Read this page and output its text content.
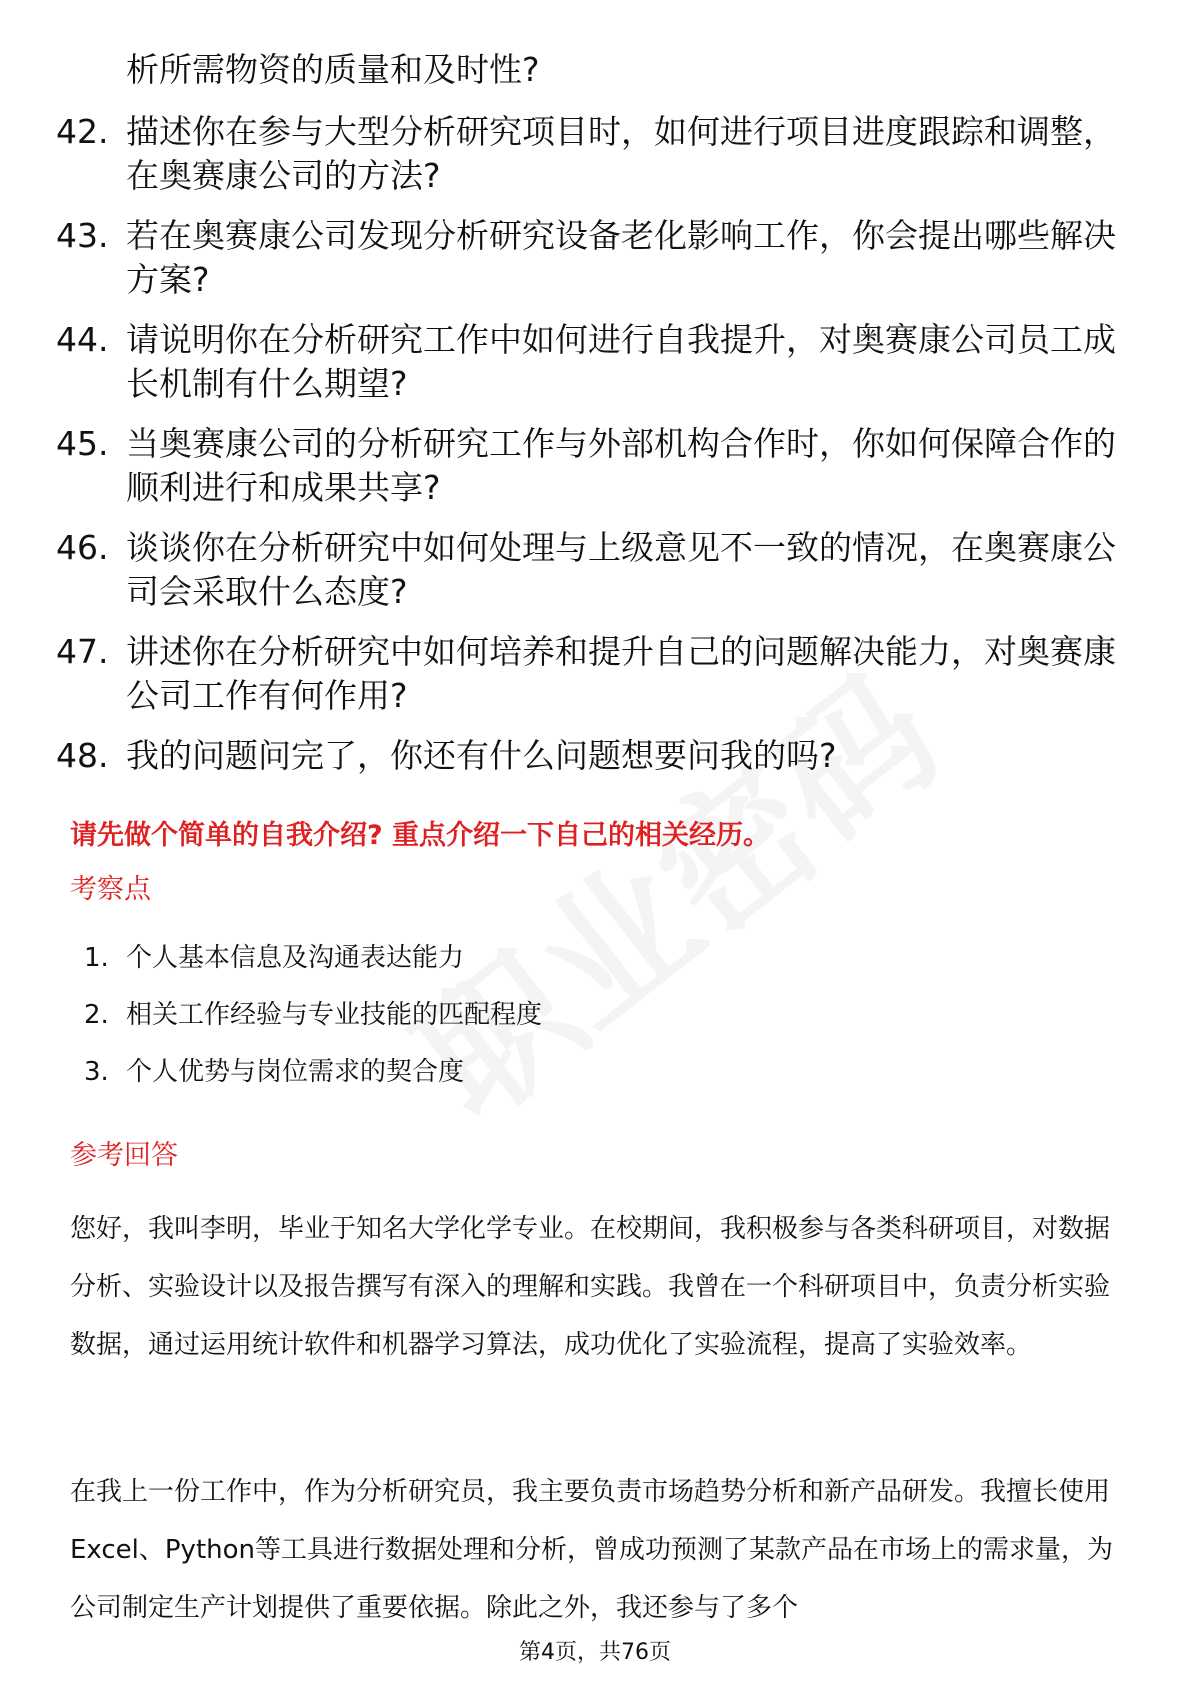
析所需物资的质量和及时性?
42. 描述你在参与大型分析研究项目时，如何进行项目进度跟踪和调整，在奥赛康公司的方法?
43. 若在奥赛康公司发现分析研究设备老化影响工作，你会提出哪些解决方案?
44. 请说明你在分析研究工作中如何进行自我提升，对奥赛康公司员工成长机制有什么期望?
45. 当奥赛康公司的分析研究工作与外部机构合作时，你如何保障合作的顺利进行和成果共享?
46. 谈谈你在分析研究中如何处理与上级意见不一致的情况，在奥赛康公司会采取什么态度?
47. 讲述你在分析研究中如何培养和提升自己的问题解决能力，对奥赛康公司工作有何作用?
48. 我的问题问完了，你还有什么问题想要问我的吗?
请先做个简单的自我介绍? 重点介绍一下自己的相关经历。
考察点
1. 个人基本信息及沟通表达能力
2. 相关工作经验与专业技能的匹配程度
3. 个人优势与岗位需求的契合度
参考回答
您好，我叫李明，毕业于知名大学化学专业。在校期间，我积极参与各类科研项目，对数据分析、实验设计以及报告撰写有深入的理解和实践。我曾在一个科研项目中，负责分析实验数据，通过运用统计软件和机器学习算法，成功优化了实验流程，提高了实验效率。
在我上一份工作中，作为分析研究员，我主要负责市场趋势分析和新产品研发。我擅长使用Excel、Python等工具进行数据处理和分析，曾成功预测了某款产品在市场上的需求量，为公司制定生产计划提供了重要依据。除此之外，我还参与了多个
第4页，共76页
